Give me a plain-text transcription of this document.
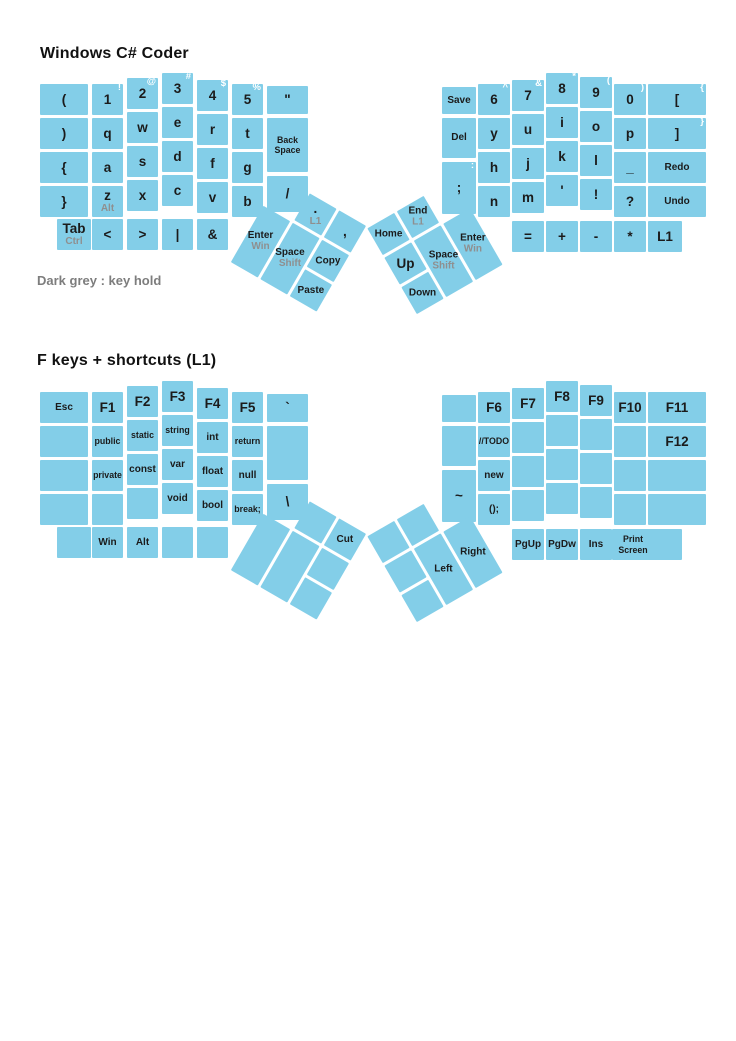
Windows C# Coder
Dark grey : key hold
F keys + shortcuts (L1)
(
)
{
}
Tab
Ctrl
1
!
q
a
z
Alt
<
2
@
w
s
x
>
3
#
e
d
c
|
4
$
r
f
v
&
5
%
t
g
b
"
Back Space
/
Save
Del
;
:
6
^
y
h
n
7
&
u
j
m
=
8
*
i
k
'
+
9
(
o
l
!
-
0
)
p
_
?
*
[
{
]
}
Redo
Undo
L1
.
L1
,
Enter
Win
Space
Shift Copy
Paste
Home
End
L1
Up
Down
Space
Shift
Enter
Win
Esc F1
public
private
Win
F2
static
const
Alt
F3
string
var
void
F4
int
float
bool
F5
return
null
break;
`
\	~
F6
//TODO
new
();
F7
PgUp
F8
PgDw
F9
Ins
F10
Print Screen
F11
F12
Cut
Left
Right
